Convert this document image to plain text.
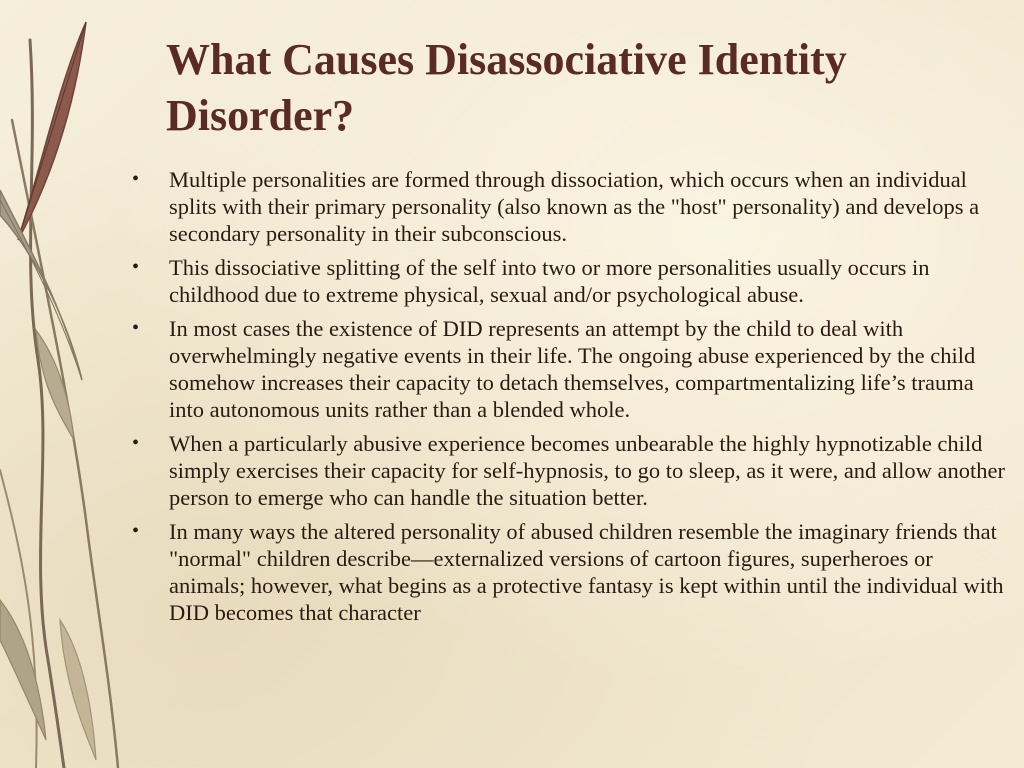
What Causes Disassociative Identity Disorder?
•	Multiple personalities are formed through dissociation, which occurs when an individual splits with their primary personality (also known as the "host" personality) and develops a secondary personality in their subconscious.
•	This dissociative splitting of the self into two or more personalities usually occurs in childhood due to extreme physical, sexual and/or psychological abuse.
•	In most cases the existence of DID represents an attempt by the child to deal with overwhelmingly negative events in their life. The ongoing abuse experienced by the child somehow increases their capacity to detach themselves, compartmentalizing life’s trauma into autonomous units rather than a blended whole.
•	When a particularly abusive experience becomes unbearable the highly hypnotizable child simply exercises their capacity for self-hypnosis, to go to sleep, as it were, and allow another person to emerge who can handle the situation better.
•	In many ways the altered personality of abused children resemble the imaginary friends that "normal" children describe—externalized versions of cartoon figures, superheroes or animals; however, what begins as a protective fantasy is kept within until the individual with DID becomes that character
